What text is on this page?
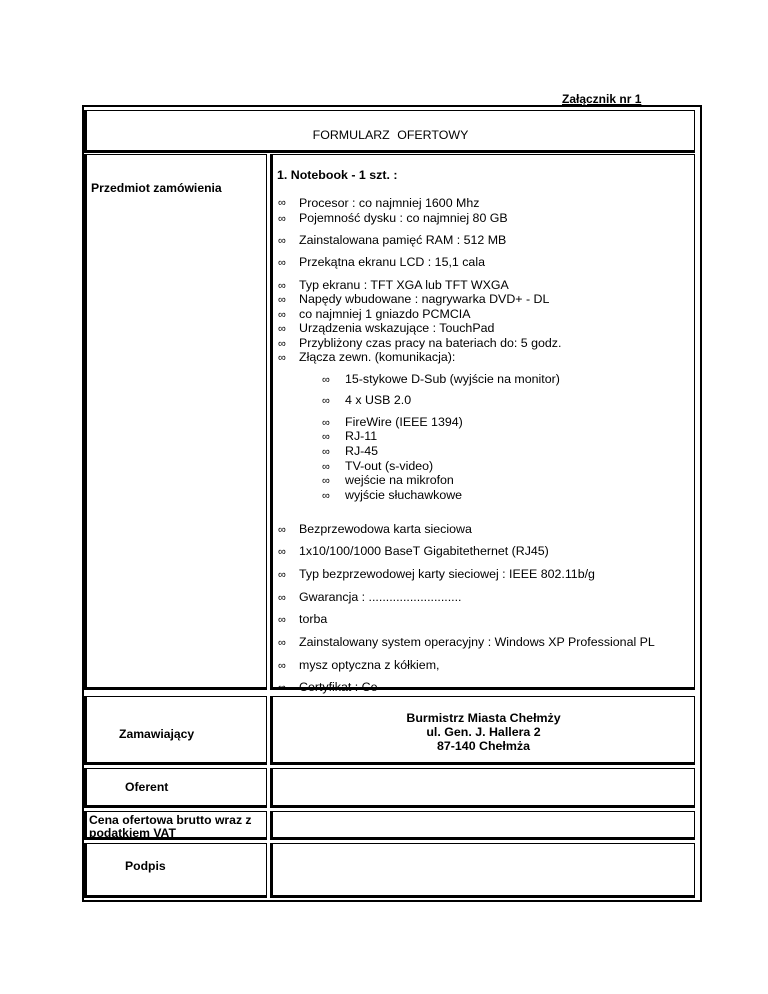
Załącznik nr 1
FORMULARZ OFERTOWY
Przedmiot zamówienia
1. Notebook - 1 szt. :
∞ Procesor : co najmniej 1600 Mhz
∞ Pojemność dysku : co najmniej 80 GB
∞ Zainstalowana pamięć RAM : 512 MB
∞ Przekątna ekranu LCD : 15,1 cala
∞ Typ ekranu : TFT XGA lub TFT WXGA
∞ Napędy wbudowane : nagrywarka DVD+ - DL
∞ co najmniej 1 gniazdo PCMCIA
∞ Urządzenia wskazujące : TouchPad
∞ Przybliżony czas pracy na bateriach do: 5 godz.
∞ Złącza zewn. (komunikacja):
∞ 15-stykowe D-Sub (wyjście na monitor)
∞ 4 x USB 2.0
∞ FireWire (IEEE 1394)
∞ RJ-11
∞ RJ-45
∞ TV-out (s-video)
∞ wejście na mikrofon
∞ wyjście słuchawkowe
∞ Bezprzewodowa karta sieciowa
∞ 1x10/100/1000 BaseT Gigabitethernet (RJ45)
∞ Typ bezprzewodowej karty sieciowej : IEEE 802.11b/g
∞ Gwarancja : ...........................
∞ torba
∞ Zainstalowany system operacyjny : Windows XP Professional PL
∞ mysz optyczna z kółkiem,
∞ Certyfikat : Ce
Zamawiający
Burmistrz Miasta Chełmży
ul. Gen. J. Hallera 2
87-140 Chełmża
Oferent
Cena ofertowa brutto wraz z
podatkiem VAT
Podpis
